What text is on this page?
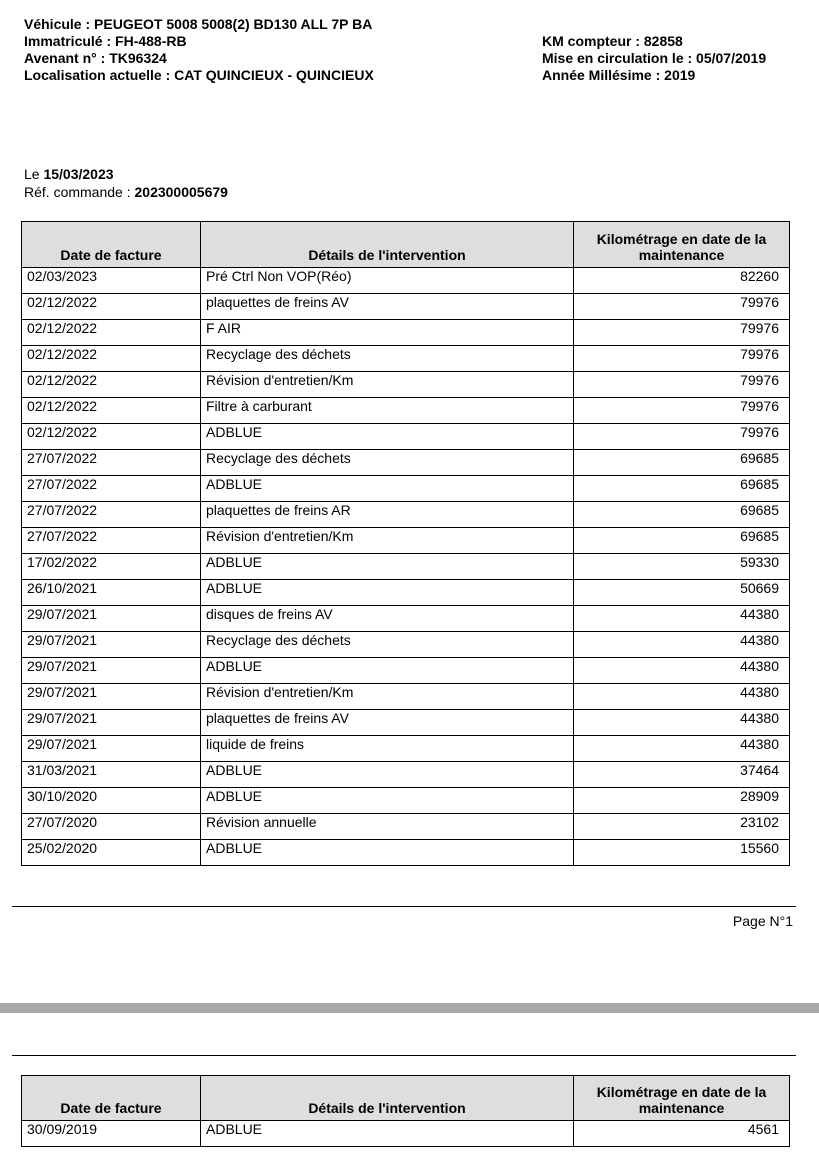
Véhicule : PEUGEOT 5008 5008(2) BD130 ALL 7P BA
Immatriculé : FH-488-RB
Avenant n° : TK96324
Localisation actuelle : CAT QUINCIEUX - QUINCIEUX
KM compteur : 82858
Mise en circulation le : 05/07/2019
Année Millésime : 2019
Le 15/03/2023
Réf. commande : 202300005679
Date de facture	Détails de l'intervention	Kilométrage en date de la maintenance
02/03/2023	Pré Ctrl Non VOP(Réo)	82260
02/12/2022	plaquettes de freins AV	79976
02/12/2022	F AIR	79976
02/12/2022	Recyclage des déchets	79976
02/12/2022	Révision d'entretien/Km	79976
02/12/2022	Filtre à carburant	79976
02/12/2022	ADBLUE	79976
27/07/2022	Recyclage des déchets	69685
27/07/2022	ADBLUE	69685
27/07/2022	plaquettes de freins AR	69685
27/07/2022	Révision d'entretien/Km	69685
17/02/2022	ADBLUE	59330
26/10/2021	ADBLUE	50669
29/07/2021	disques de freins AV	44380
29/07/2021	Recyclage des déchets	44380
29/07/2021	ADBLUE	44380
29/07/2021	Révision d'entretien/Km	44380
29/07/2021	plaquettes de freins AV	44380
29/07/2021	liquide de freins	44380
31/03/2021	ADBLUE	37464
30/10/2020	ADBLUE	28909
27/07/2020	Révision annuelle	23102
25/02/2020	ADBLUE	15560
Page N°1
Date de facture	Détails de l'intervention	Kilométrage en date de la maintenance
30/09/2019	ADBLUE	4561
